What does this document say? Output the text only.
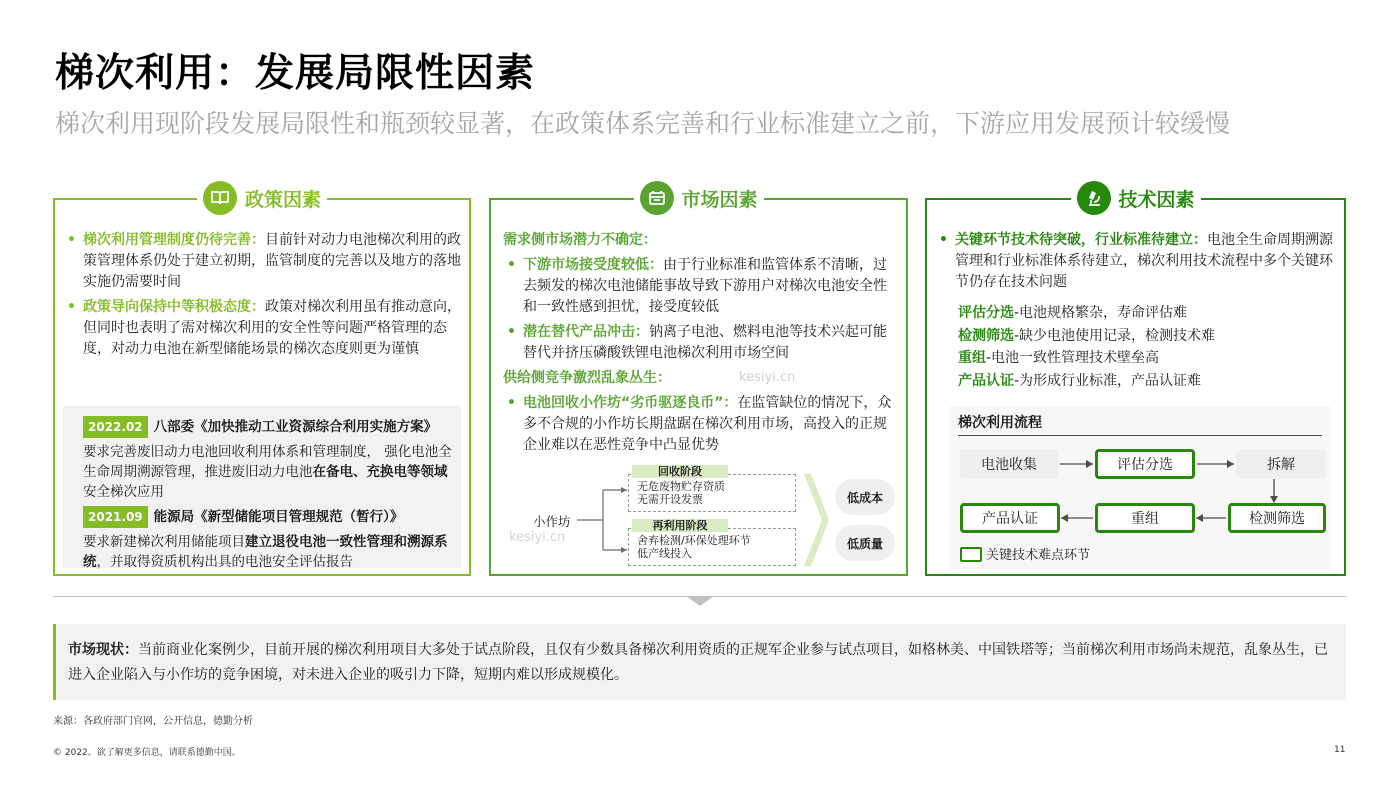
梯次利用：发展局限性因素
梯次利用现阶段发展局限性和瓶颈较显著，在政策体系完善和行业标准建立之前，下游应用发展预计较缓慢
政策因素
• 梯次利用管理制度仍待完善：目前针对动力电池梯次利用的政策管理体系仍处于建立初期，监管制度的完善以及地方的落地实施仍需要时间
• 政策导向保持中等积极态度：政策对梯次利用虽有推动意向，但同时也表明了需对梯次利用的安全性等问题严格管理的态度，对动力电池在新型储能场景的梯次态度则更为谨慎
2022.02 八部委《加快推动工业资源综合利用实施方案》
要求完善废旧动力电池回收利用体系和管理制度， 强化电池全生命周期溯源管理，推进废旧动力电池在备电、充换电等领域安全梯次应用
2021.09 能源局《新型储能项目管理规范（暂行）》
要求新建梯次利用储能项目建立退役电池一致性管理和溯源系统，并取得资质机构出具的电池安全评估报告
市场因素
需求侧市场潜力不确定：
• 下游市场接受度较低：由于行业标准和监管体系不清晰，过去频发的梯次电池储能事故导致下游用户对梯次电池安全性和一致性感到担忧，接受度较低
• 潜在替代产品冲击：钠离子电池、燃料电池等技术兴起可能替代并挤压磷酸铁锂电池梯次利用市场空间
供给侧竞争激烈乱象丛生：
• 电池回收小作坊“劣币驱逐良币”：在监管缺位的情况下，众多不合规的小作坊长期盘踞在梯次利用市场，高投入的正规企业难以在恶性竞争中凸显优势
kesiyi.cn
kesiyi.cn
小作坊
无危废物贮存资质
无需开设发票
回收阶段
舍弃检测/环保处理环节
低产线投入
再利用阶段
低成本
低质量
技术因素
• 关键环节技术待突破，行业标准待建立：电池全生命周期溯源管理和行业标准体系待建立，梯次利用技术流程中多个关键环节仍存在技术问题
评估分选-电池规格繁杂，寿命评估难
检测筛选-缺少电池使用记录，检测技术难
重组-电池一致性管理技术壁垒高
产品认证-为形成行业标准，产品认证难
梯次利用流程
电池收集	评估分选	拆解
产品认证	重组	检测筛选
关键技术难点环节
市场现状：当前商业化案例少，目前开展的梯次利用项目大多处于试点阶段，且仅有少数具备梯次利用资质的正规军企业参与试点项目，如格林美、中国铁塔等；当前梯次利用市场尚未规范，乱象丛生，已进入企业陷入与小作坊的竞争困境，对未进入企业的吸引力下降，短期内难以形成规模化。
来源：各政府部门官网，公开信息，德勤分析
© 2022。欲了解更多信息，请联系德勤中国。	11
